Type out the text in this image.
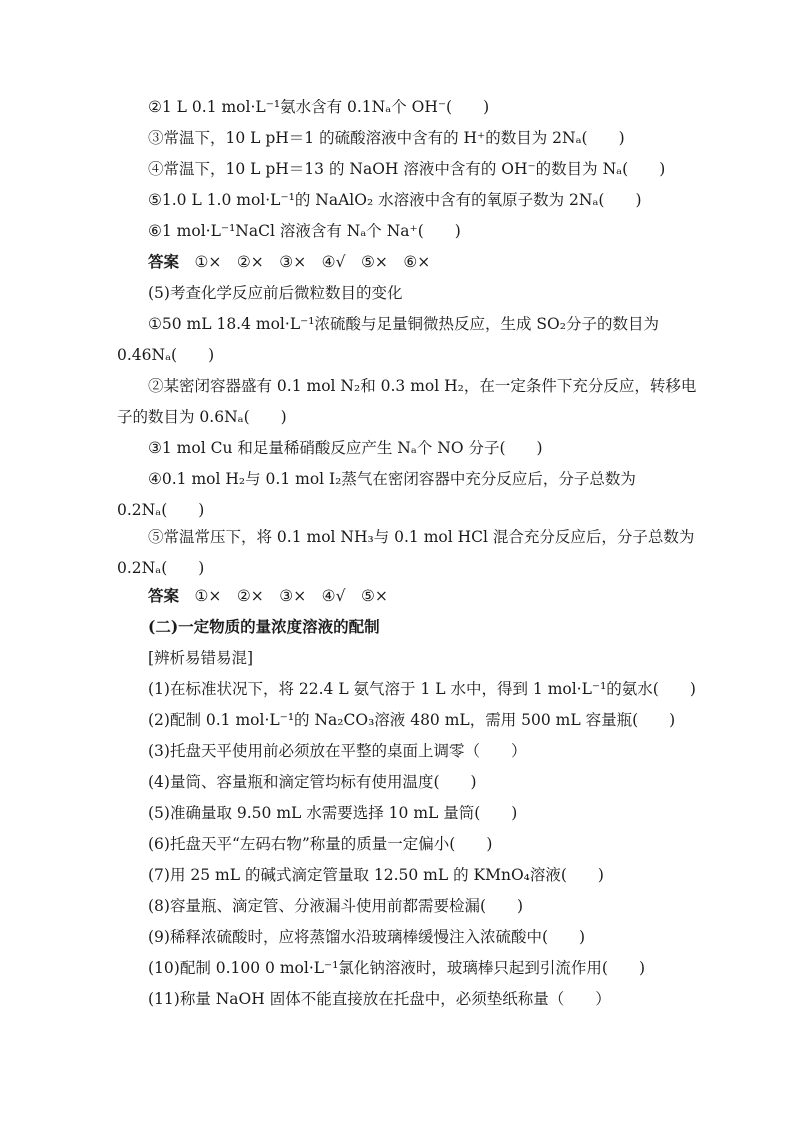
②1 L 0.1 mol·L⁻¹氨水含有 0.1Nₐ个 OH⁻(　　)
③常温下，10 L pH＝1 的硫酸溶液中含有的 H⁺的数目为 2Nₐ(　　)
④常温下，10 L pH＝13 的 NaOH 溶液中含有的 OH⁻的数目为 Nₐ(　　)
⑤1.0 L 1.0 mol·L⁻¹的 NaAlO₂ 水溶液中含有的氧原子数为 2Nₐ(　　)
⑥1 mol·L⁻¹NaCl 溶液含有 Nₐ个 Na⁺(　　)
答案　 ①×　②×　③×　④√　⑤×　⑥×
(5)考查化学反应前后微粒数目的变化
①50 mL 18.4 mol·L⁻¹浓硫酸与足量铜微热反应，生成 SO₂分子的数目为
0.46Nₐ(　　)
②某密闭容器盛有 0.1 mol N₂和 0.3 mol H₂，在一定条件下充分反应，转移电
子的数目为 0.6Nₐ(　　)
③1 mol Cu 和足量稀硝酸反应产生 Nₐ个 NO 分子(　　)
④0.1 mol H₂与 0.1 mol I₂蒸气在密闭容器中充分反应后，分子总数为
0.2Nₐ(　　)
⑤常温常压下，将 0.1 mol NH₃与 0.1 mol HCl 混合充分反应后，分子总数为
0.2Nₐ(　　)
答案　 ①×　②×　③×　④√　⑤×
(二)一定物质的量浓度溶液的配制
[辨析易错易混]
(1)在标准状况下，将 22.4 L 氨气溶于 1 L 水中，得到 1 mol·L⁻¹的氨水(　　)
(2)配制 0.1 mol·L⁻¹的 Na₂CO₃溶液 480 mL，需用 500 mL 容量瓶(　　)
(3)托盘天平使用前必须放在平整的桌面上调零（　　）
(4)量筒、容量瓶和滴定管均标有使用温度(　　)
(5)准确量取 9.50 mL 水需要选择 10 mL 量筒(　　)
(6)托盘天平“左码右物”称量的质量一定偏小(　　)
(7)用 25 mL 的碱式滴定管量取 12.50 mL 的 KMnO₄溶液(　　)
(8)容量瓶、滴定管、分液漏斗使用前都需要检漏(　　)
(9)稀释浓硫酸时，应将蒸馏水沿玻璃棒缓慢注入浓硫酸中(　　)
(10)配制 0.100 0 mol·L⁻¹氯化钠溶液时，玻璃棒只起到引流作用(　　)
(11)称量 NaOH 固体不能直接放在托盘中，必须垫纸称量（　　）
